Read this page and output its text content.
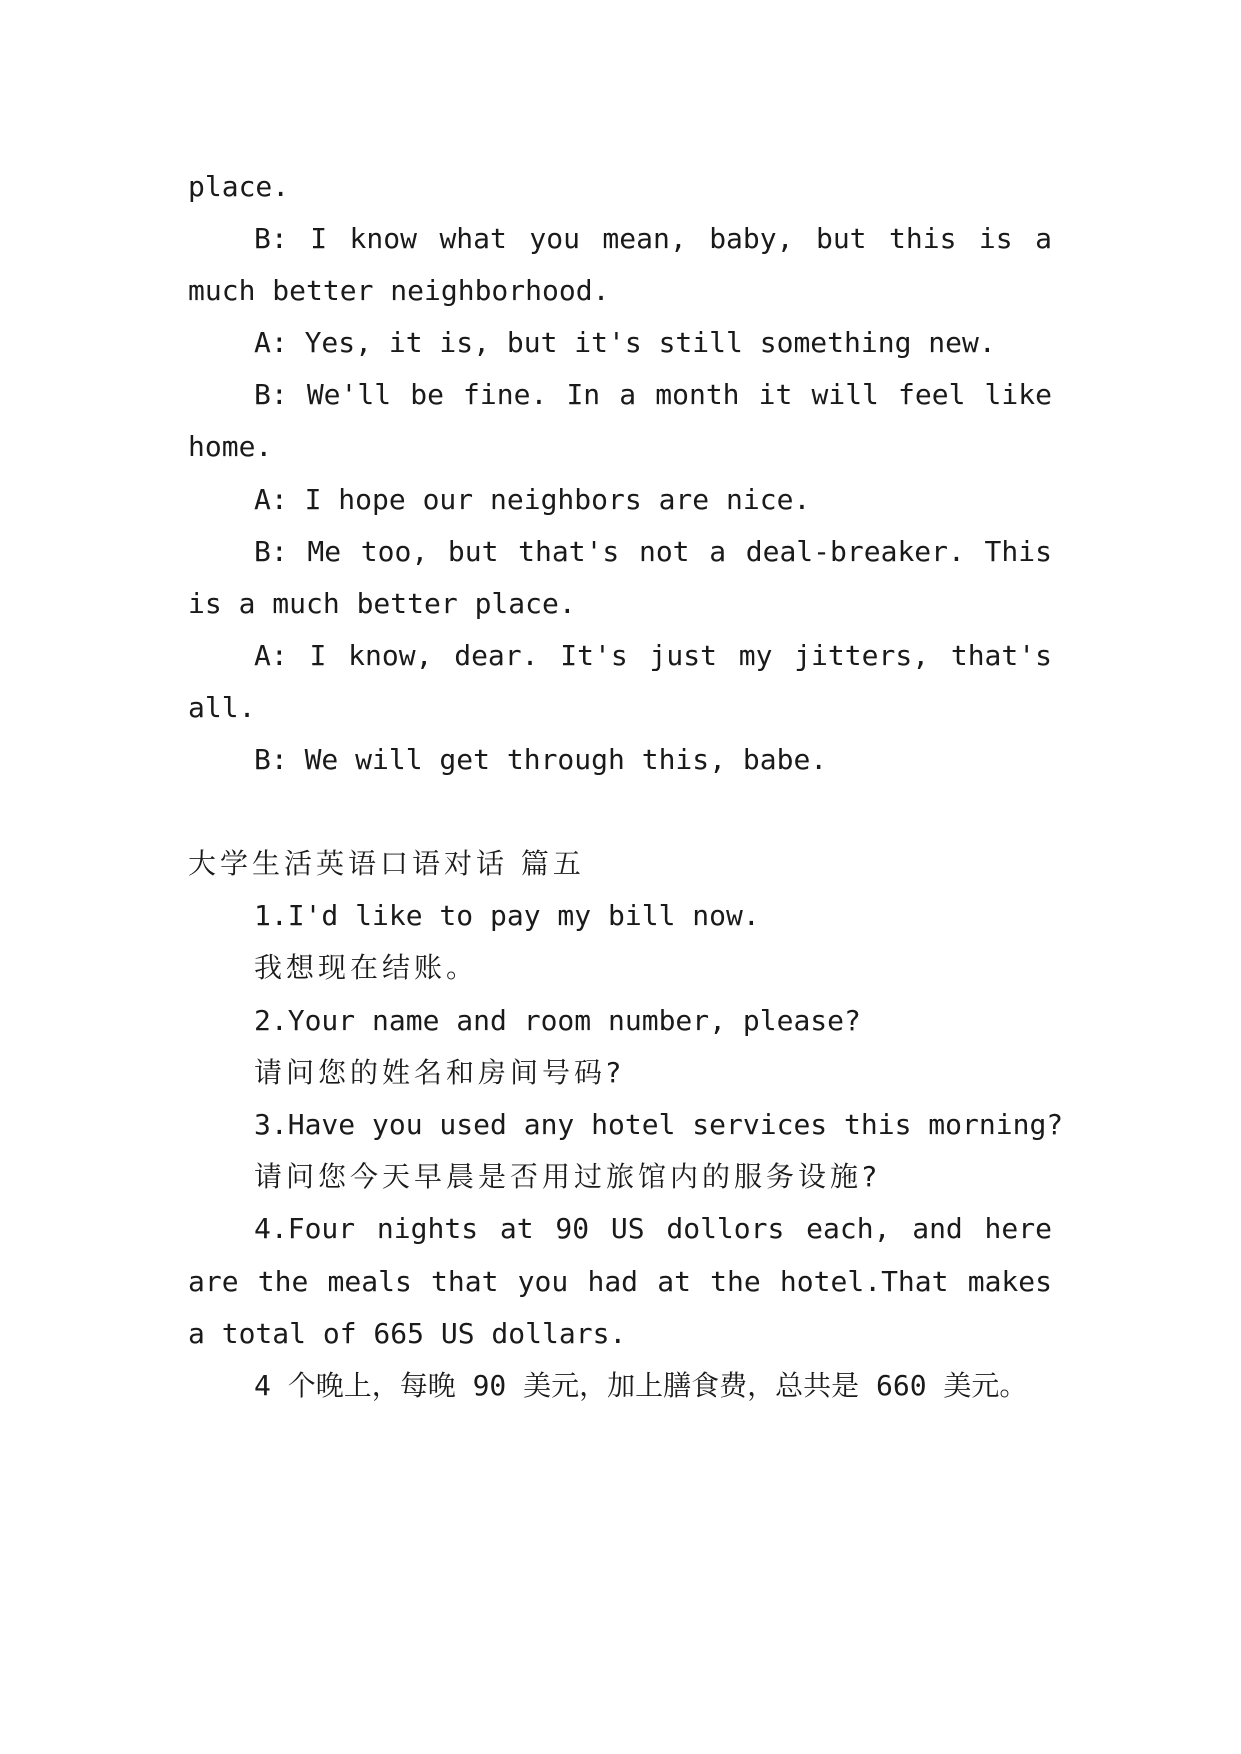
place.
B: I know what you mean, baby, but this is a
much better neighborhood.
A: Yes, it is, but it's still something new.
B: We'll be fine. In a month it will feel like
home.
A: I hope our neighbors are nice.
B: Me too, but that's not a deal-breaker. This
is a much better place.
A: I know, dear. It's just my jitters, that's
all.
B: We will get through this, babe.
大学生活英语口语对话 篇五
1.I'd like to pay my bill now.
我想现在结账。
2.Your name and room number, please?
请问您的姓名和房间号码?
3.Have you used any hotel services this morning?
请问您今天早晨是否用过旅馆内的服务设施?
4.Four nights at 90 US dollors each, and here
are the meals that you had at the hotel.That makes
a total of 665 US dollars.
4 个晚上，每晚 90 美元，加上膳食费，总共是 660 美元。
